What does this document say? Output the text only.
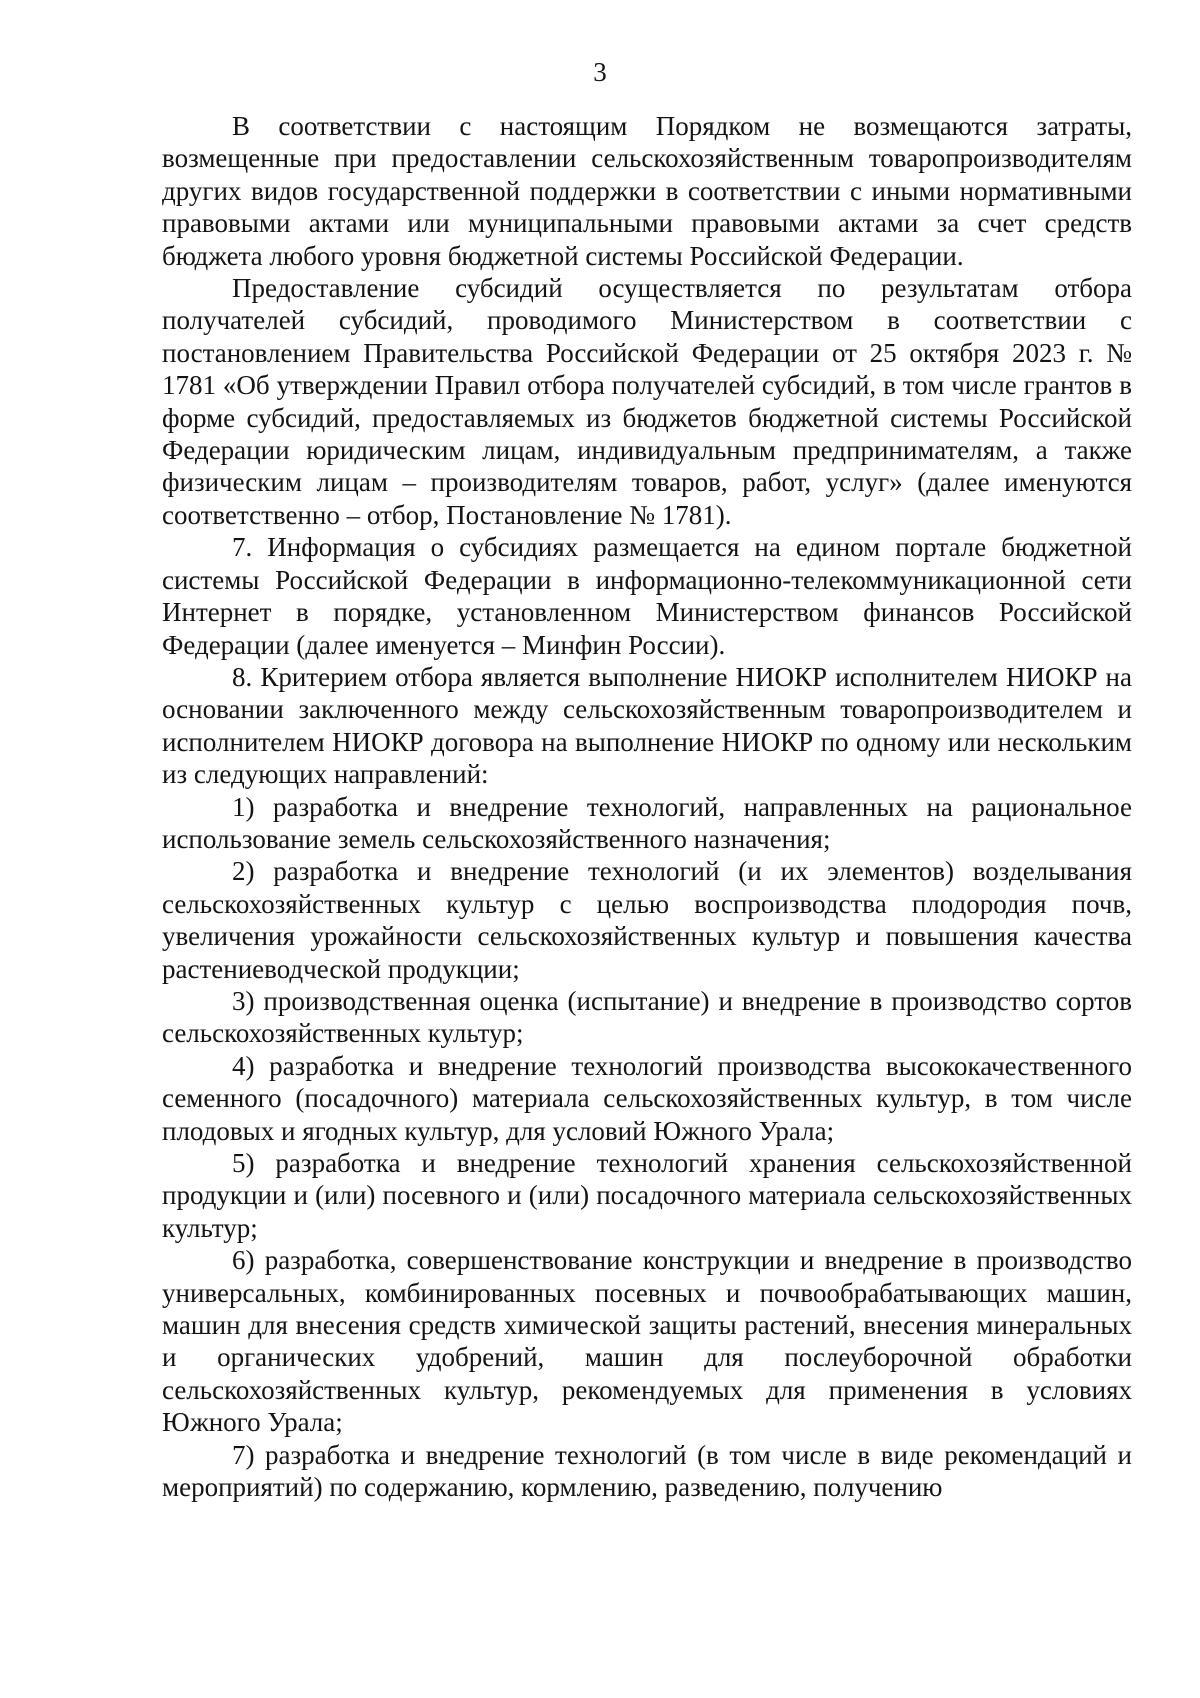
3

В соответствии с настоящим Порядком не возмещаются затраты, возмещенные при предоставлении сельскохозяйственным товаропроизводителям других видов государственной поддержки в соответствии с иными нормативными правовыми актами или муниципальными правовыми актами за счет средств бюджета любого уровня бюджетной системы Российской Федерации.

Предоставление субсидий осуществляется по результатам отбора получателей субсидий, проводимого Министерством в соответствии с постановлением Правительства Российской Федерации от 25 октября 2023 г. № 1781 «Об утверждении Правил отбора получателей субсидий, в том числе грантов в форме субсидий, предоставляемых из бюджетов бюджетной системы Российской Федерации юридическим лицам, индивидуальным предпринимателям, а также физическим лицам – производителям товаров, работ, услуг» (далее именуются соответственно – отбор, Постановление № 1781).

7. Информация о субсидиях размещается на едином портале бюджетной системы Российской Федерации в информационно-телекоммуникационной сети Интернет в порядке, установленном Министерством финансов Российской Федерации (далее именуется – Минфин России).

8. Критерием отбора является выполнение НИОКР исполнителем НИОКР на основании заключенного между сельскохозяйственным товаропроизводителем и исполнителем НИОКР договора на выполнение НИОКР по одному или нескольким из следующих направлений:

1) разработка и внедрение технологий, направленных на рациональное использование земель сельскохозяйственного назначения;

2) разработка и внедрение технологий (и их элементов) возделывания сельскохозяйственных культур с целью воспроизводства плодородия почв, увеличения урожайности сельскохозяйственных культур и повышения качества растениеводческой продукции;

3) производственная оценка (испытание) и внедрение в производство сортов сельскохозяйственных культур;

4) разработка и внедрение технологий производства высококачественного семенного (посадочного) материала сельскохозяйственных культур, в том числе плодовых и ягодных культур, для условий Южного Урала;

5) разработка и внедрение технологий хранения сельскохозяйственной продукции и (или) посевного и (или) посадочного материала сельскохозяйственных культур;

6) разработка, совершенствование конструкции и внедрение в производство универсальных, комбинированных посевных и почвообрабатывающих машин, машин для внесения средств химической защиты растений, внесения минеральных и органических удобрений, машин для послеуборочной обработки сельскохозяйственных культур, рекомендуемых для применения в условиях Южного Урала;

7) разработка и внедрение технологий (в том числе в виде рекомендаций и мероприятий) по содержанию, кормлению, разведению, получению
